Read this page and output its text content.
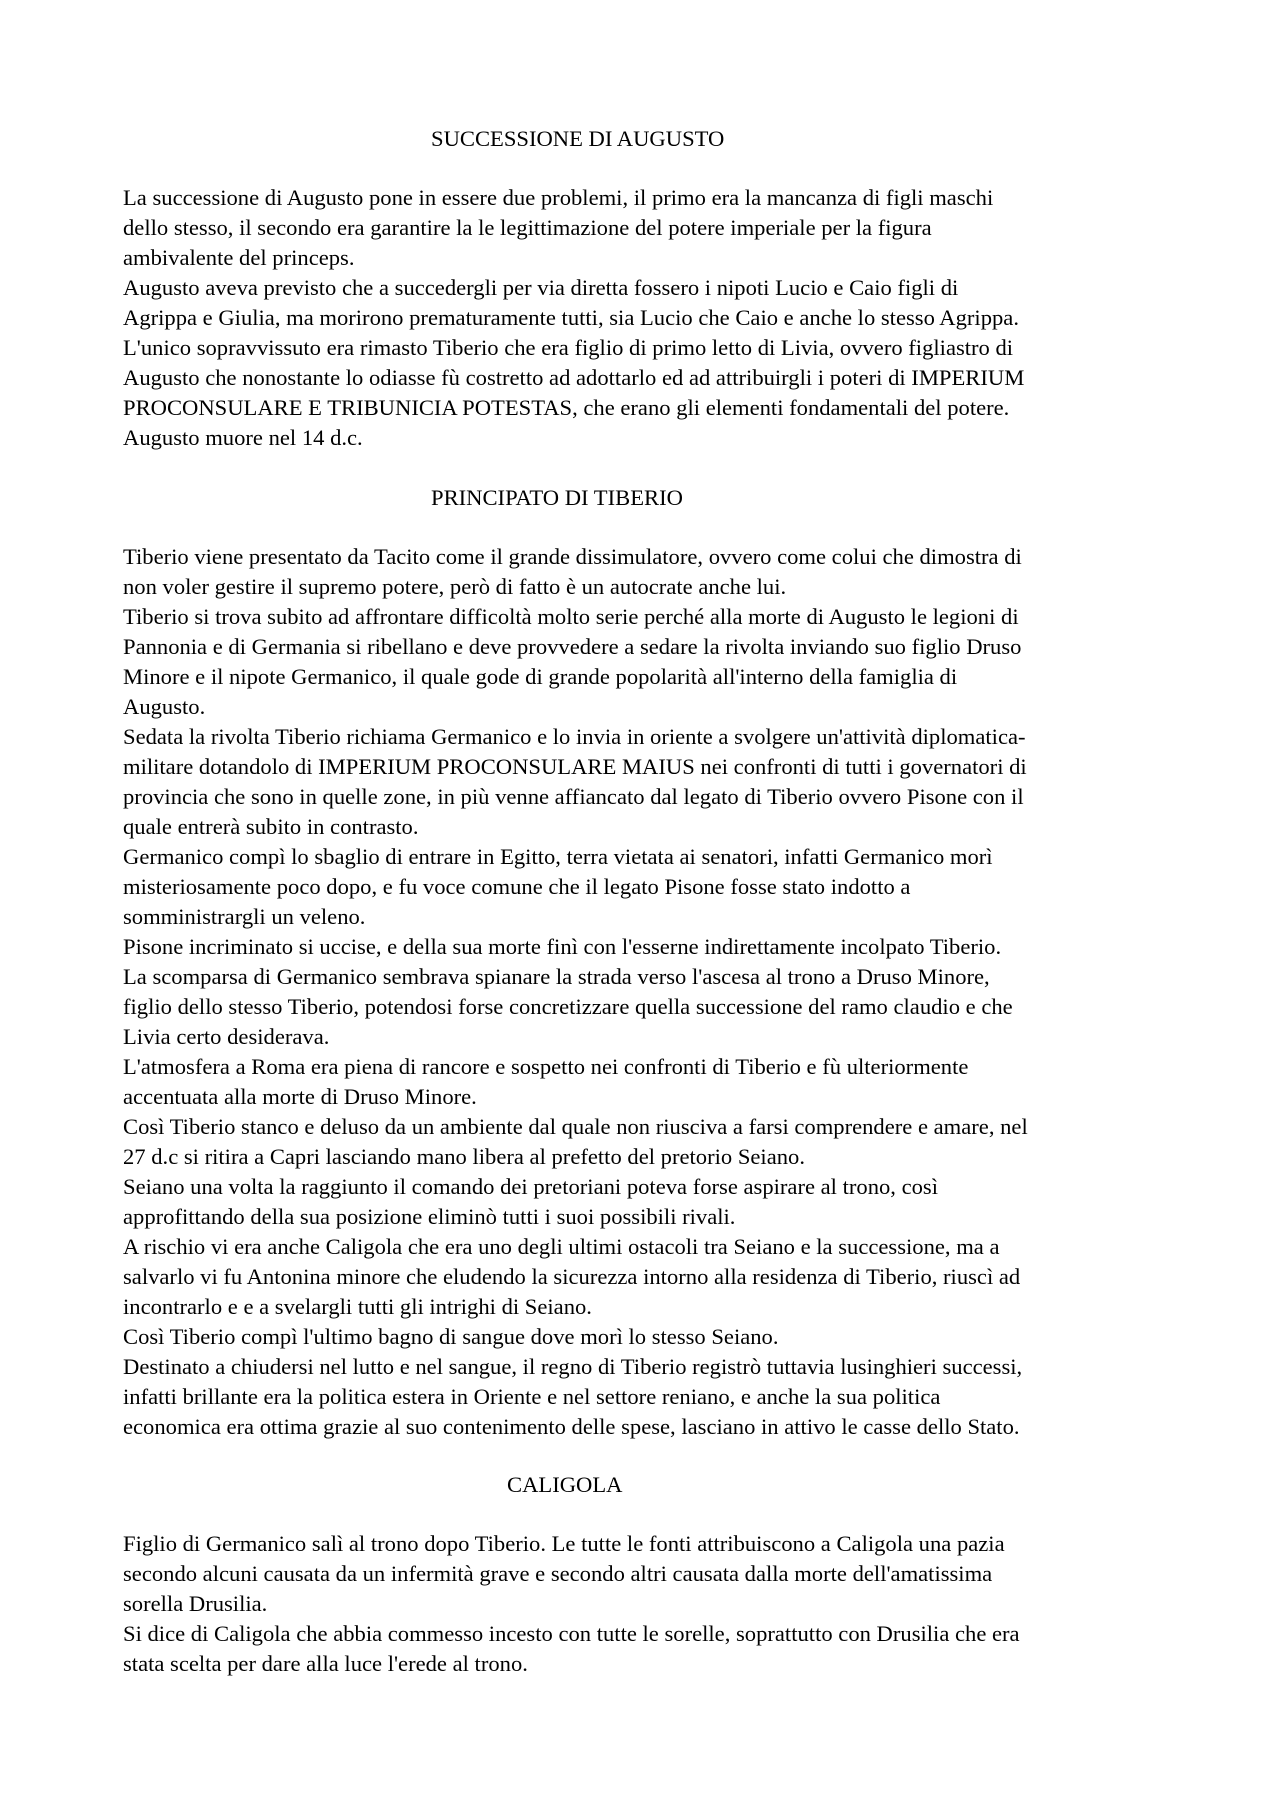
SUCCESSIONE DI AUGUSTO
La successione di Augusto pone in essere due problemi, il primo era la mancanza di figli maschi
dello stesso, il secondo era garantire la le legittimazione del potere imperiale per la figura
ambivalente del princeps.
Augusto aveva previsto che a succedergli per via diretta fossero i nipoti Lucio e Caio figli di
Agrippa e Giulia, ma morirono prematuramente tutti, sia Lucio che Caio e anche lo stesso Agrippa.
L'unico sopravvissuto era rimasto Tiberio che era figlio di primo letto di Livia, ovvero figliastro di
Augusto che nonostante lo odiasse fù costretto ad adottarlo ed ad attribuirgli i poteri di IMPERIUM
PROCONSULARE E TRIBUNICIA POTESTAS, che erano gli elementi fondamentali del potere.
Augusto muore nel 14 d.c.
PRINCIPATO DI TIBERIO
Tiberio viene presentato da Tacito come il grande dissimulatore, ovvero come colui che dimostra di
non voler gestire il supremo potere, però di fatto è un autocrate anche lui.
Tiberio si trova subito ad affrontare difficoltà molto serie perché alla morte di Augusto le legioni di
Pannonia e di Germania si ribellano e deve provvedere a sedare la rivolta inviando suo figlio Druso
Minore e il nipote Germanico, il quale gode di grande popolarità all'interno della famiglia di
Augusto.
Sedata la rivolta Tiberio richiama Germanico e lo invia in oriente a svolgere un'attività diplomatica-
militare dotandolo di IMPERIUM PROCONSULARE MAIUS nei confronti di tutti i governatori di
provincia che sono in quelle zone, in più venne affiancato dal legato di Tiberio ovvero Pisone con il
quale entrerà subito in contrasto.
Germanico compì lo sbaglio di entrare in Egitto, terra vietata ai senatori, infatti Germanico morì
misteriosamente poco dopo, e fu voce comune che il legato Pisone fosse stato indotto a
somministrargli un veleno.
Pisone incriminato si uccise, e della sua morte finì con l'esserne indirettamente incolpato Tiberio.
La scomparsa di Germanico sembrava spianare la strada verso l'ascesa al trono a Druso Minore,
figlio dello stesso Tiberio, potendosi forse concretizzare quella successione del ramo claudio e che
Livia certo desiderava.
L'atmosfera a Roma era piena di rancore e sospetto nei confronti di Tiberio e fù ulteriormente
accentuata alla morte di Druso Minore.
Così Tiberio stanco e deluso da un ambiente dal quale non riusciva a farsi comprendere e amare, nel
27 d.c si ritira a Capri lasciando mano libera al prefetto del pretorio Seiano.
Seiano una volta la raggiunto il comando dei pretoriani poteva forse aspirare al trono, così
approfittando della sua posizione eliminò tutti i suoi possibili rivali.
A rischio vi era anche Caligola che era uno degli ultimi ostacoli tra Seiano e la successione, ma a
salvarlo vi fu Antonina minore che eludendo la sicurezza intorno alla residenza di Tiberio, riuscì ad
incontrarlo e e a svelargli tutti gli intrighi di Seiano.
Così Tiberio compì l'ultimo bagno di sangue dove morì lo stesso Seiano.
Destinato a chiudersi nel lutto e nel sangue, il regno di Tiberio registrò tuttavia lusinghieri successi,
infatti brillante era la politica estera in Oriente e nel settore reniano, e anche la sua politica
economica era ottima grazie al suo contenimento delle spese, lasciano in attivo le casse dello Stato.
CALIGOLA
Figlio di Germanico salì al trono dopo Tiberio. Le tutte le fonti attribuiscono a Caligola una pazia
secondo alcuni causata da un infermità grave e secondo altri causata dalla morte dell'amatissima
sorella Drusilia.
Si dice di Caligola che abbia commesso incesto con tutte le sorelle, soprattutto con Drusilia che era
stata scelta per dare alla luce l'erede al trono.
